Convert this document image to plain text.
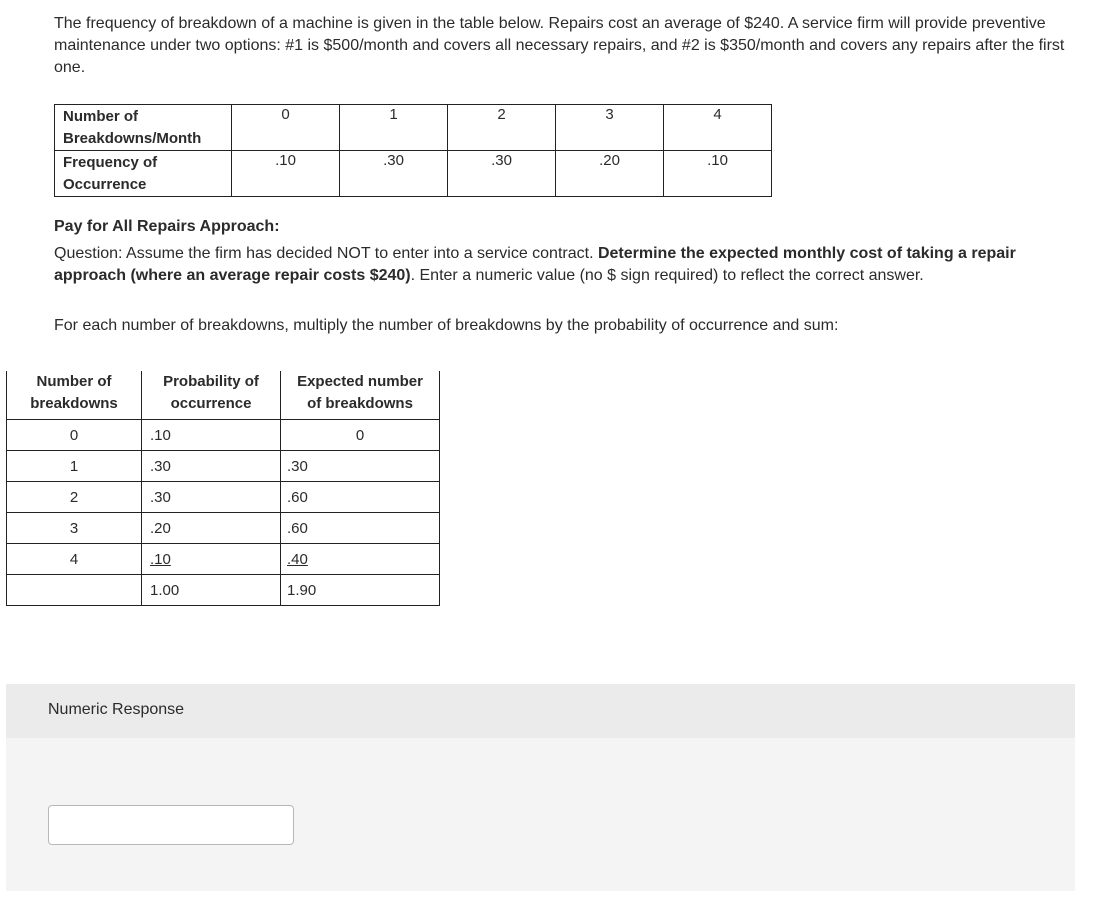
The frequency of breakdown of a machine is given in the table below. Repairs cost an average of $240. A service firm will provide preventive maintenance under two options: #1 is $500/month and covers all necessary repairs, and #2 is $350/month and covers any repairs after the first one.

Number of
Breakdowns/Month	0	1	2	3	4
Frequency of
Occurrence	.10	.30	.30	.20	.10

Pay for All Repairs Approach:

Question: Assume the firm has decided NOT to enter into a service contract. Determine the expected monthly cost of taking a repair approach (where an average repair costs $240). Enter a numeric value (no $ sign required) to reflect the correct answer.

For each number of breakdowns, multiply the number of breakdowns by the probability of occurrence and sum:

Number of
breakdowns	Probability of
occurrence	Expected number
of breakdowns
0	.10	0
1	.30	.30
2	.30	.60
3	.20	.60
4	.10	.40
	1.00	1.90

Numeric Response
